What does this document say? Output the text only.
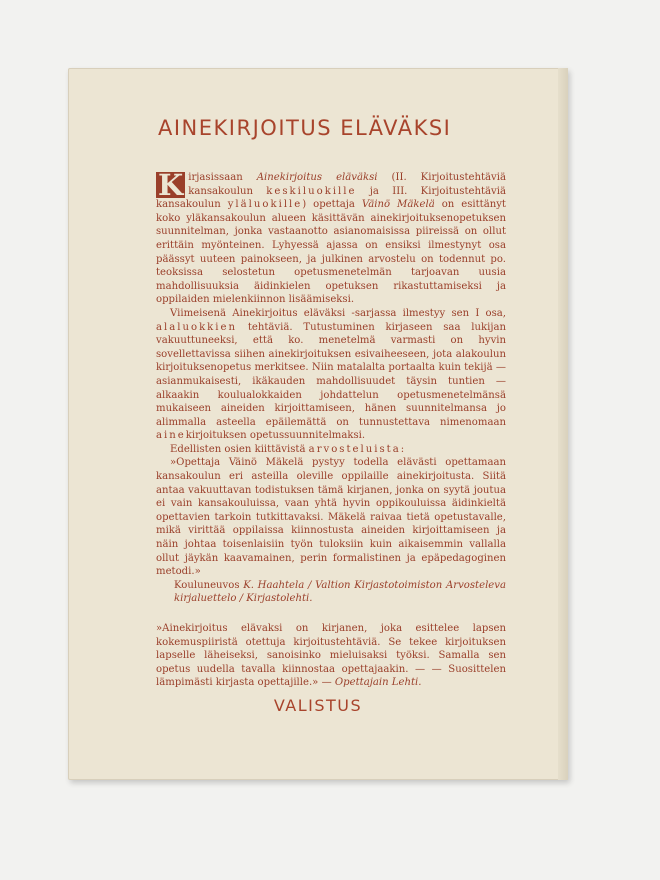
AINEKIRJOITUS ELÄVÄKSI

K irjasissaan Ainekirjoitus eläväksi (II. Kirjoitustehtäviä kansakoulun keskiluokille ja III. Kirjoitustehtäviä kansakoulun yläluokille) opettaja Väinö Mäkelä on esittänyt koko yläkansakoulun alueen käsittävän ainekirjoituksenopetuksen suunnitelman, jonka vastaanotto asianomaisissa piireissä on ollut erittäin myönteinen. Lyhyessä ajassa on ensiksi ilmestynyt osa päässyt uuteen painokseen, ja julkinen arvostelu on todennut po. teoksissa selostetun opetusmenetelmän tarjoavan uusia mahdollisuuksia äidinkielen opetuksen rikastuttamiseksi ja oppilaiden mielenkiinnon lisäämiseksi.

Viimeisenä Ainekirjoitus eläväksi -sarjassa ilmestyy sen I osa, alaluokkien tehtäviä. Tutustuminen kirjaseen saa lukijan vakuuttuneeksi, että ko. menetelmä varmasti on hyvin sovellettavissa siihen ainekirjoituksen esivaiheeseen, jota alakoulun kirjoituksenopetus merkitsee. Niin matalalta portaalta kuin tekijä — asianmukaisesti, ikäkauden mahdollisuudet täysin tuntien — alkaakin koulualokkaiden johdattelun opetusmenetelmänsä mukaiseen aineiden kirjoittamiseen, hänen suunnitelmansa jo alimmalla asteella epäilemättä on tunnustettava nimenomaan ainekirjoituksen opetussuunnitelmaksi.

Edellisten osien kiittävistä arvosteluista:

»Opettaja Väinö Mäkelä pystyy todella elävästi opettamaan kansakoulun eri asteilla oleville oppilaille ainekirjoitusta. Siitä antaa vakuuttavan todistuksen tämä kirjanen, jonka on syytä joutua ei vain kansakouluissa, vaan yhtä hyvin oppikouluissa äidinkieltä opettavien tarkoin tutkittavaksi. Mäkelä raivaa tietä opetustavalle, mikä virittää oppilaissa kiinnostusta aineiden kirjoittamiseen ja näin johtaa toisenlaisiin työn tuloksiin kuin aikaisemmin vallalla ollut jäykän kaavamainen, perin formalistinen ja epäpedagoginen metodi.»

Kouluneuvos K. Haahtela / Valtion Kirjastotoimiston Arvosteleva kirjaluettelo / Kirjastolehti.

»Ainekirjoitus elävaksi on kirjanen, joka esittelee lapsen kokemuspiiristä otettuja kirjoitustehtäviä. Se tekee kirjoituksen lapselle läheiseksi, sanoisinko mieluisaksi työksi. Samalla sen opetus uudella tavalla kiinnostaa opettajaakin. — — Suosittelen lämpimästi kirjasta opettajille.» — Opettajain Lehti.

VALISTUS
